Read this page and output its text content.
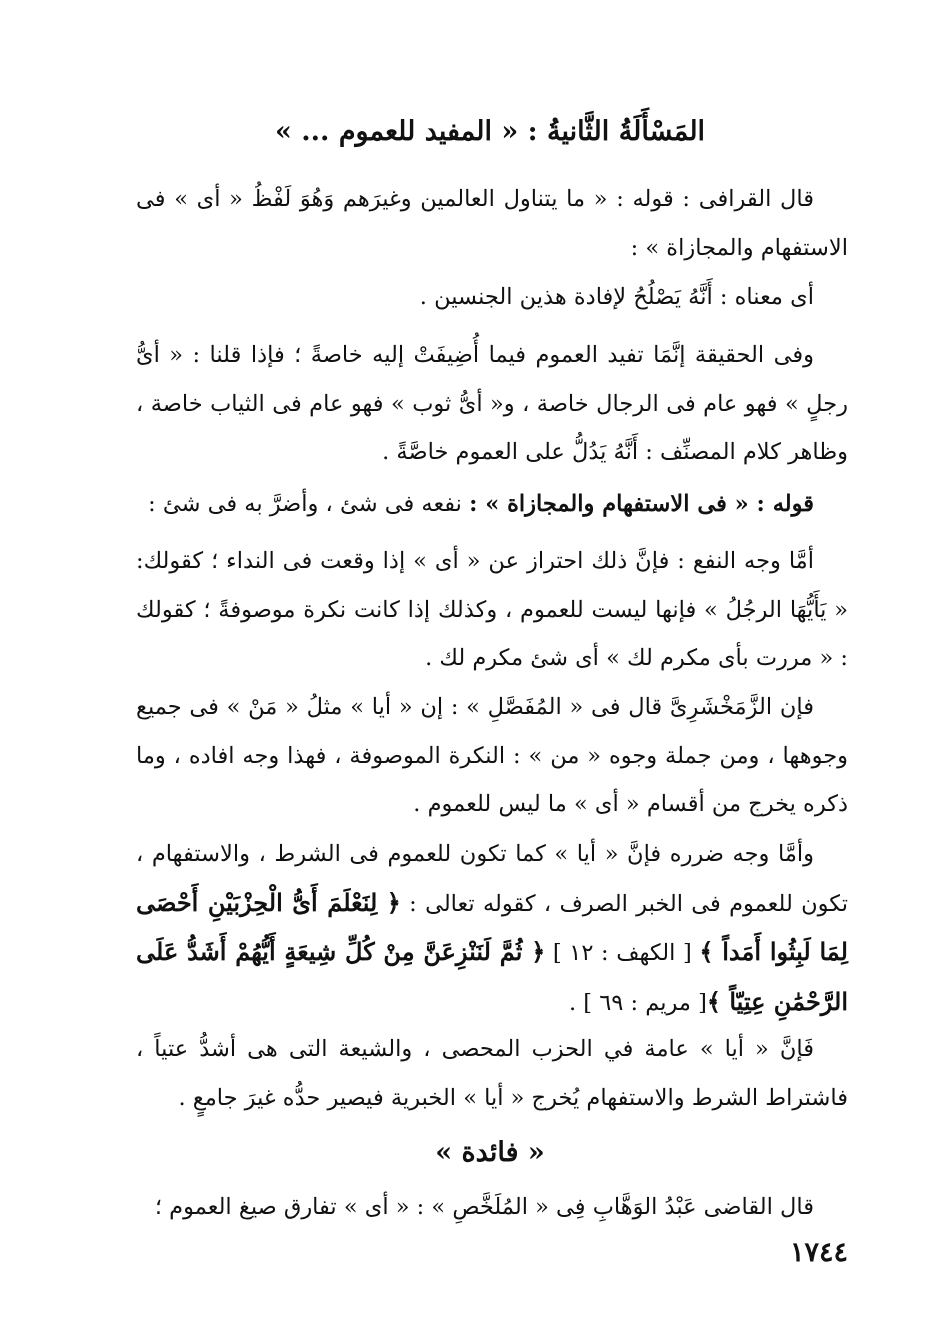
المَسْأَلَةُ الثَّانيةُ : « المفيد للعموم ... »
قال القرافى : قوله : « ما يتناول العالمين وغيرَهم وَهُوَ لَفْظُ « أى » فى الاستفهام والمجازاة » :
أى معناه : أَنَّهُ يَصْلُحُ لإفادة هذين الجنسين .
وفى الحقيقة إنَّمَا تفيد العموم فيما أُضِيفَتْ إليه خاصةً ؛ فإذا قلنا : « أىُّ رجلٍ » فهو عام فى الرجال خاصة ، و« أىُّ ثوب » فهو عام فى الثياب خاصة ، وظاهر كلام المصنِّف : أَنَّهُ يَدُلُّ على العموم خاصَّةً .
قوله : « فى الاستفهام والمجازاة » : نفعه فى شئ ، وأضرَّ به فى شئ :
أمَّا وجه النفع : فإنَّ ذلك احتراز عن « أى » إذا وقعت فى النداء ؛ كقولك: « يَأَيُّهَا الرجُلُ » فإنها ليست للعموم ، وكذلك إذا كانت نكرة موصوفةً ؛ كقولك : « مررت بأى مكرم لك » أى شئ مكرم لك .
فإن الزَّمَخْشَرِىَّ قال فى « المُفَصَّلِ » : إن « أيا » مثلُ « مَنْ » فى جميع وجوهها ، ومن جملة وجوه « من » : النكرة الموصوفة ، فهذا وجه افاده ، وما ذكره يخرج من أقسام « أى » ما ليس للعموم .
وأمَّا وجه ضرره فإنَّ « أيا » كما تكون للعموم فى الشرط ، والاستفهام ، تكون للعموم فى الخبر الصرف ، كقوله تعالى : ﴿ لِنَعْلَمَ أَىُّ الْحِزْبَيْنِ أَحْصَى لِمَا لَبِثُوا أَمَداً ﴾ [ الكهف : ١٢ ] ﴿ ثُمَّ لَنَنْزِعَنَّ مِنْ كُلِّ شِيعَةٍ أَيُّهُمْ أَشَدُّ عَلَى الرَّحْمَٰنِ عِتِيّاً ﴾[ مريم : ٦٩ ] .
فَإنَّ « أيا » عامة في الحزب المحصى ، والشيعة التى هى أشدُّ عتياً ، فاشتراط الشرط والاستفهام يُخرج « أيا » الخبرية فيصير حدُّه غيرَ جامعٍ .
« فائدة »
قال القاضى عَبْدُ الوَهَّابِ فِى « المُلَخَّصِ » : « أى » تفارق صيغ العموم ؛
١٧٤٤
